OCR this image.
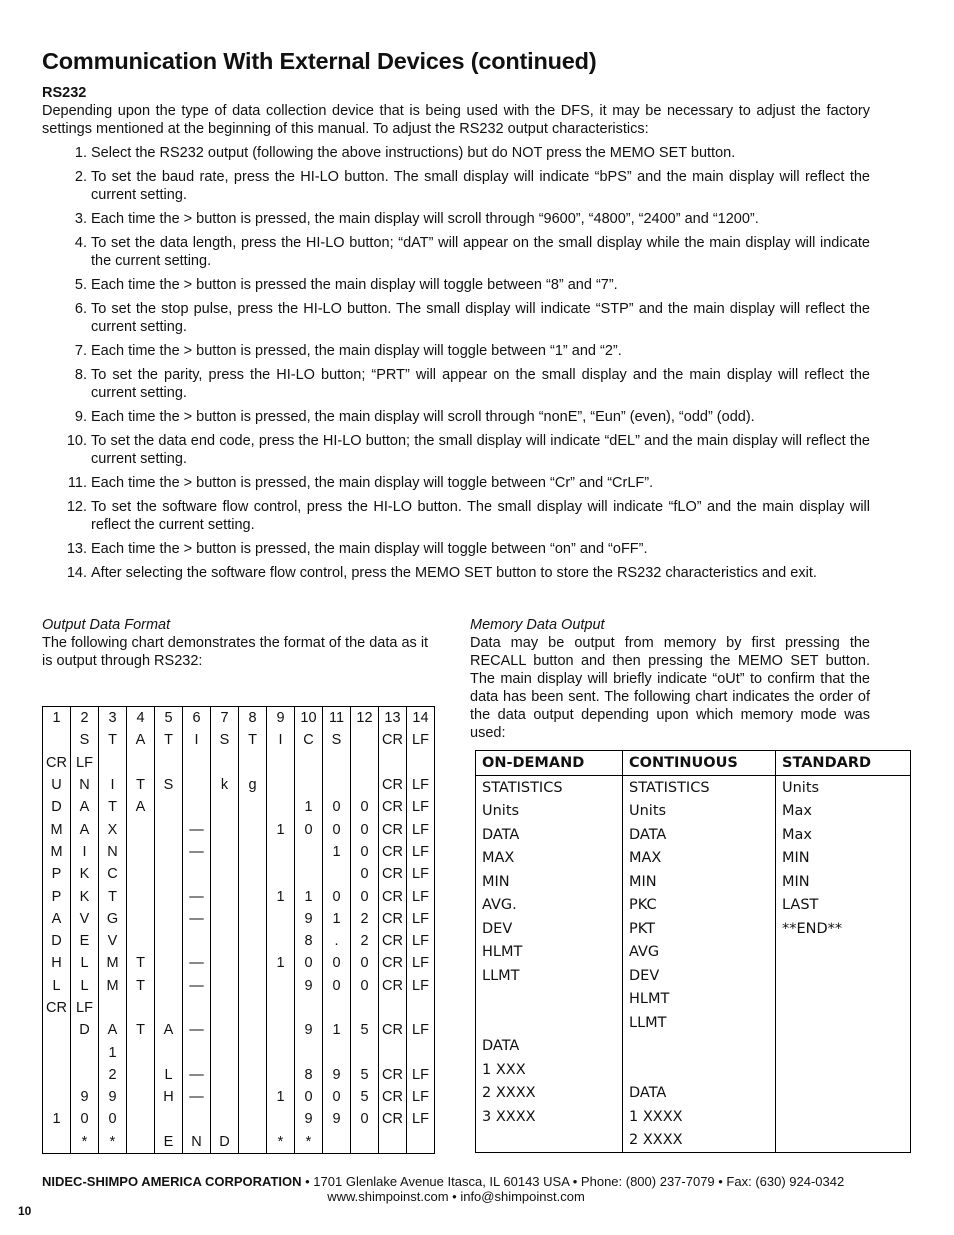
Communication With External Devices (continued)
RS232
Depending upon the type of data collection device that is being used with the DFS, it may be necessary to adjust the factory settings mentioned at the beginning of this manual. To adjust the RS232 output characteristics:
1. Select the RS232 output (following the above instructions) but do NOT press the MEMO SET button.
2. To set the baud rate, press the HI-LO button. The small display will indicate “bPS” and the main display will reflect the current setting.
3. Each time the > button is pressed, the main display will scroll through “9600”, “4800”, “2400” and “1200”.
4. To set the data length, press the HI-LO button; “dAT” will appear on the small display while the main display will indicate the current setting.
5. Each time the > button is pressed the main display will toggle between “8” and “7”.
6. To set the stop pulse, press the HI-LO button. The small display will indicate “STP” and the main display will reflect the current setting.
7. Each time the > button is pressed, the main display will toggle between “1” and “2”.
8. To set the parity, press the HI-LO button; “PRT” will appear on the small display and the main display will reflect the current setting.
9. Each time the > button is pressed, the main display will scroll through “nonE”, “Eun” (even), “odd” (odd).
10. To set the data end code, press the HI-LO button; the small display will indicate “dEL” and the main display will reflect the current setting.
11. Each time the > button is pressed, the main display will toggle between “Cr” and “CrLF”.
12. To set the software flow control, press the HI-LO button. The small display will indicate “fLO” and the main display will reflect the current setting.
13. Each time the > button is pressed, the main display will toggle between “on” and “oFF”.
14. After selecting the software flow control, press the MEMO SET button to store the RS232 characteristics and exit.
Output Data Format
The following chart demonstrates the format of the data as it is output through RS232:
1	2	3	4	5	6	7	8	9	10	11	12	13	14
	S	T	A	T	I	S	T	I	C	S		CR	LF
CR	LF												
U	N	I	T	S		k	g					CR	LF
D	A	T	A						1	0	0	CR	LF
M	A	X			—			1	0	0	0	CR	LF
M	I	N			—					1	0	CR	LF
P	K	C									0	CR	LF
P	K	T			—			1	1	0	0	CR	LF
A	V	G			—				9	1	2	CR	LF
D	E	V							8	.	2	CR	LF
H	L	M	T		—			1	0	0	0	CR	LF
L	L	M	T		—				9	0	0	CR	LF
CR	LF												
	D	A	T	A	—				9	1	5	CR	LF
		1											
		2		L	—				8	9	5	CR	LF
	9	9		H	—			1	0	0	5	CR	LF
1	0	0							9	9	0	CR	LF
	*	*		E	N	D		*	*				
Memory Data Output
Data may be output from memory by first pressing the RECALL button and then pressing the MEMO SET button. The main display will briefly indicate “oUt” to confirm that the data has been sent. The following chart indicates the order of the data output depending upon which memory mode was used:
ON-DEMAND	CONTINUOUS	STANDARD
STATISTICS	STATISTICS	Units
Units	Units	Max
DATA	DATA	Max
MAX	MAX	MIN
MIN	MIN	MIN
AVG.	PKC	LAST
DEV	PKT	**END**
HLMT	AVG	
LLMT	DEV	
	HLMT	
	LLMT	
DATA		
1 XXX		
2 XXXX	DATA	
3 XXXX	1 XXXX	
	2 XXXX	
NIDEC-SHIMPO AMERICA CORPORATION • 1701 Glenlake Avenue Itasca, IL 60143 USA • Phone: (800) 237-7079 • Fax: (630) 924-0342
www.shimpoinst.com • info@shimpoinst.com
10
